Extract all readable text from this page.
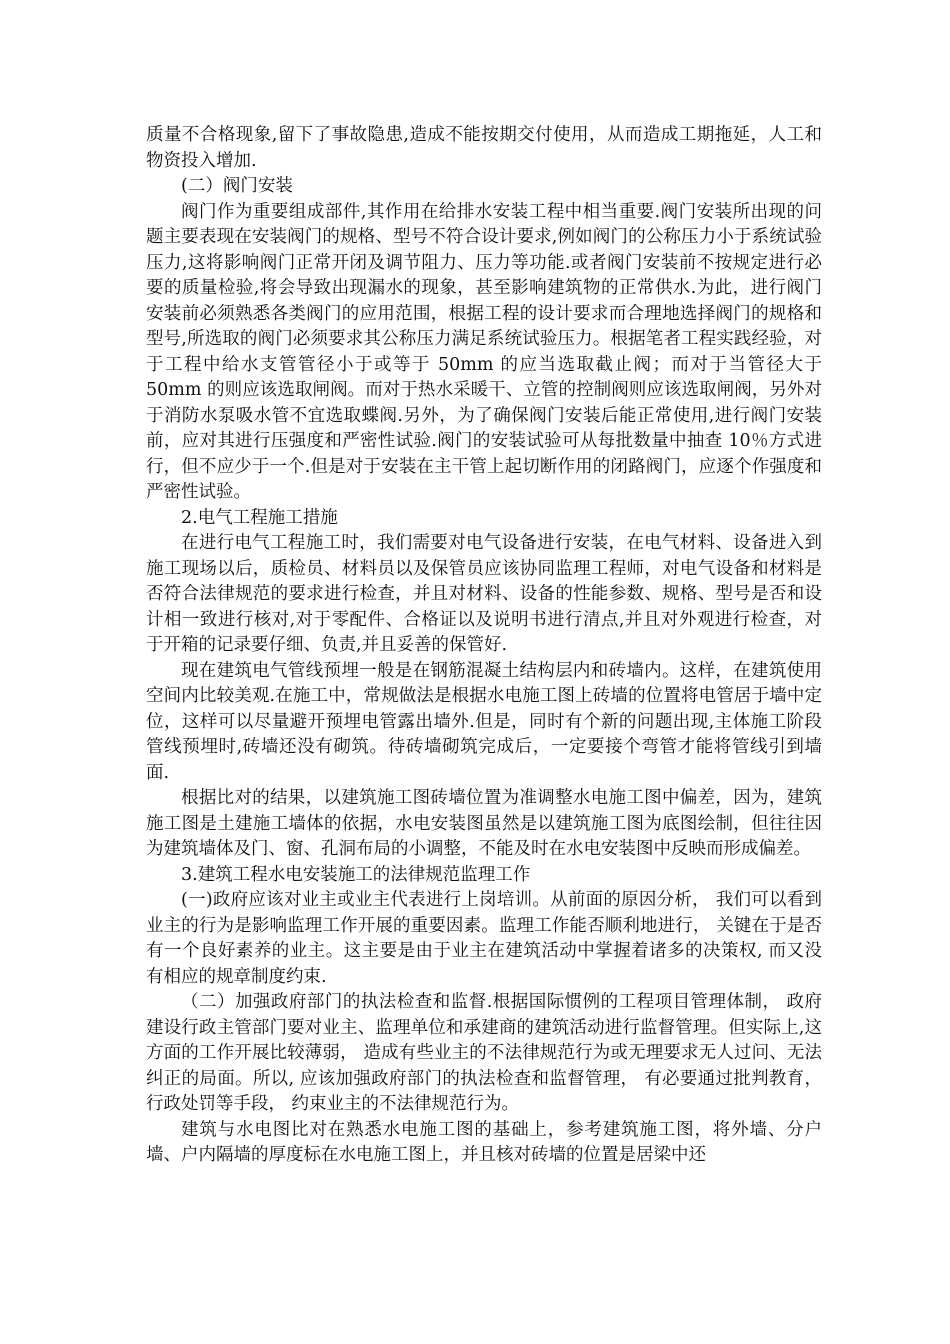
质量不合格现象,留下了事故隐患,造成不能按期交付使用，从而造成工期拖延，人工和物资投入增加.

(二）阀门安装

阀门作为重要组成部件,其作用在给排水安装工程中相当重要.阀门安装所出现的问题主要表现在安装阀门的规格、型号不符合设计要求,例如阀门的公称压力小于系统试验压力,这将影响阀门正常开闭及调节阻力、压力等功能.或者阀门安装前不按规定进行必要的质量检验,将会导致出现漏水的现象，甚至影响建筑物的正常供水.为此，进行阀门安装前必须熟悉各类阀门的应用范围，根据工程的设计要求而合理地选择阀门的规格和型号,所选取的阀门必须要求其公称压力满足系统试验压力。根据笔者工程实践经验，对于工程中给水支管管径小于或等于 50mm 的应当选取截止阀；而对于当管径大于 50mm 的则应该选取闸阀。而对于热水采暖干、立管的控制阀则应该选取闸阀，另外对于消防水泵吸水管不宜选取蝶阀.另外，为了确保阀门安装后能正常使用,进行阀门安装前，应对其进行压强度和严密性试验.阀门的安装试验可从每批数量中抽查 10％方式进行，但不应少于一个.但是对于安装在主干管上起切断作用的闭路阀门，应逐个作强度和严密性试验。

2.电气工程施工措施

在进行电气工程施工时，我们需要对电气设备进行安装，在电气材料、设备进入到施工现场以后，质检员、材料员以及保管员应该协同监理工程师，对电气设备和材料是否符合法律规范的要求进行检查，并且对材料、设备的性能参数、规格、型号是否和设计相一致进行核对,对于零配件、合格证以及说明书进行清点,并且对外观进行检查，对于开箱的记录要仔细、负责,并且妥善的保管好.

现在建筑电气管线预埋一般是在钢筋混凝土结构层内和砖墙内。这样，在建筑使用空间内比较美观.在施工中，常规做法是根据水电施工图上砖墙的位置将电管居于墙中定位，这样可以尽量避开预埋电管露出墙外.但是，同时有个新的问题出现,主体施工阶段管线预埋时,砖墙还没有砌筑。待砖墙砌筑完成后，一定要接个弯管才能将管线引到墙面.

根据比对的结果，以建筑施工图砖墙位置为准调整水电施工图中偏差，因为，建筑施工图是土建施工墙体的依据，水电安装图虽然是以建筑施工图为底图绘制，但往往因为建筑墙体及门、窗、孔洞布局的小调整，不能及时在水电安装图中反映而形成偏差。

3.建筑工程水电安装施工的法律规范监理工作

(一)政府应该对业主或业主代表进行上岗培训。从前面的原因分析， 我们可以看到业主的行为是影响监理工作开展的重要因素。监理工作能否顺利地进行， 关键在于是否有一个良好素养的业主。这主要是由于业主在建筑活动中掌握着诸多的决策权, 而又没有相应的规章制度约束.

（二）加强政府部门的执法检查和监督.根据国际惯例的工程项目管理体制， 政府建设行政主管部门要对业主、监理单位和承建商的建筑活动进行监督管理。但实际上,这方面的工作开展比较薄弱， 造成有些业主的不法律规范行为或无理要求无人过问、无法纠正的局面。所以, 应该加强政府部门的执法检查和监督管理， 有必要通过批判教育，行政处罚等手段， 约束业主的不法律规范行为。

建筑与水电图比对在熟悉水电施工图的基础上，参考建筑施工图，将外墙、分户墙、户内隔墙的厚度标在水电施工图上，并且核对砖墙的位置是居梁中还
